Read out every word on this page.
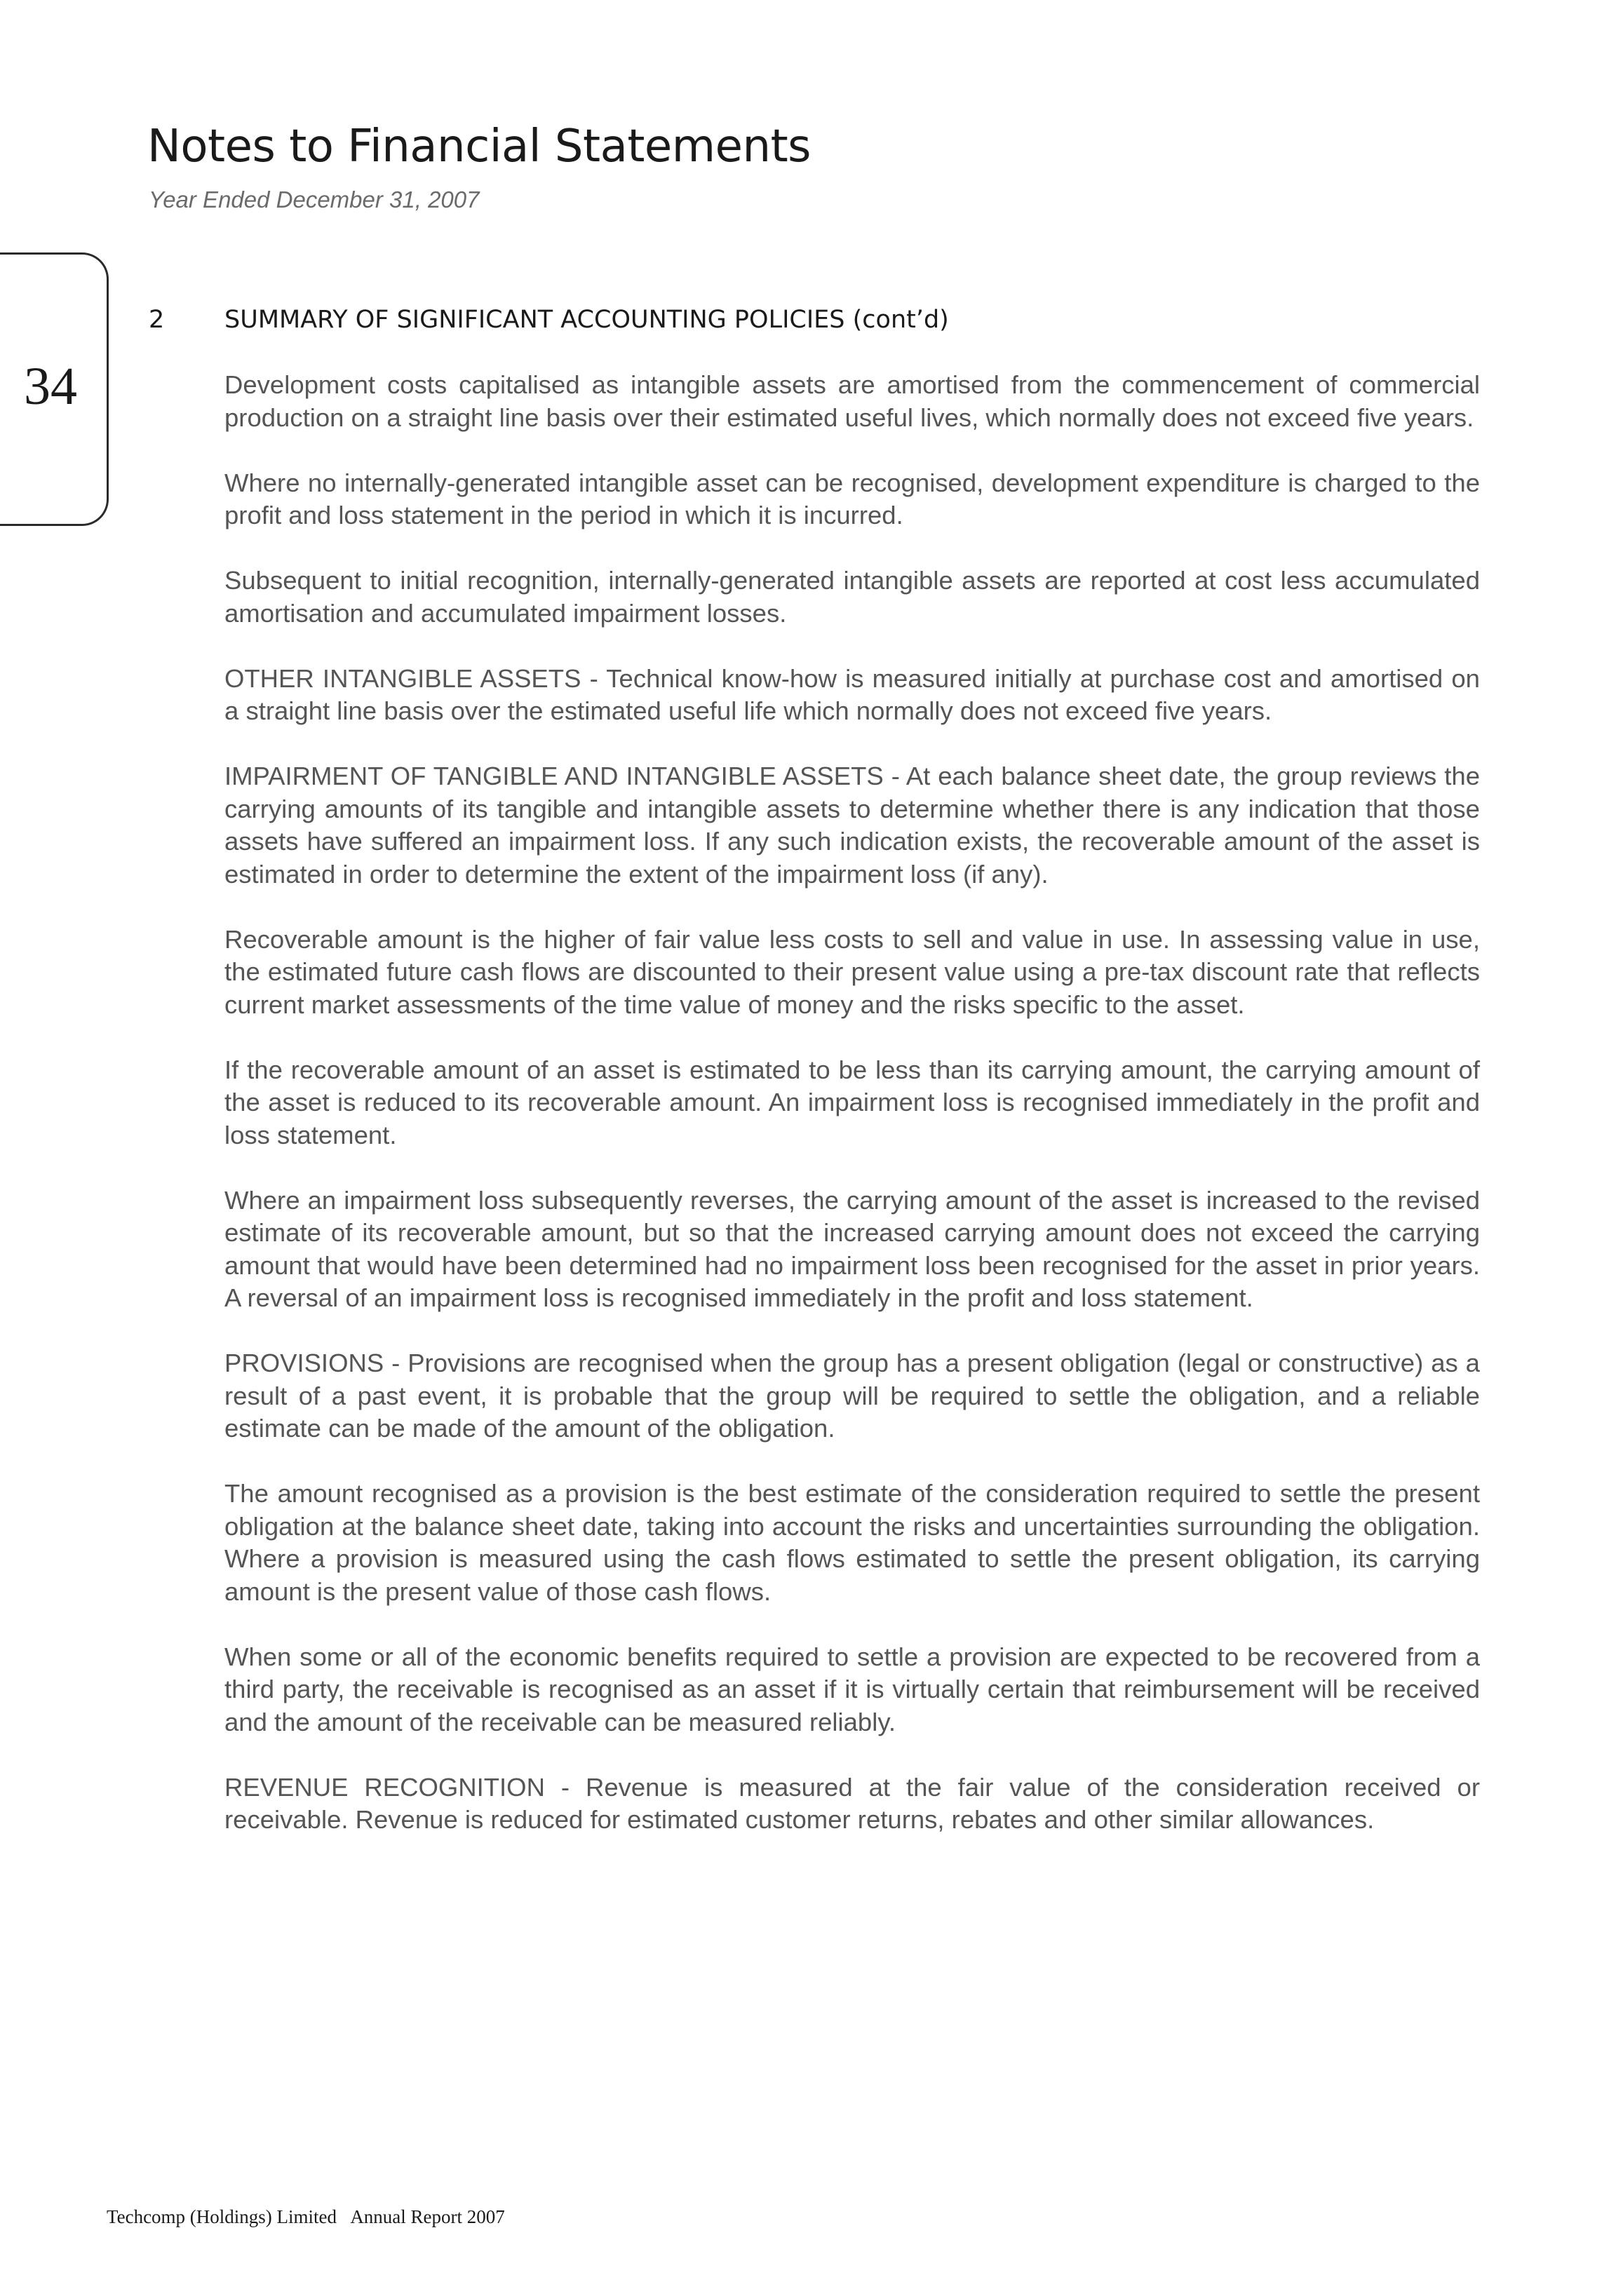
Notes to Financial Statements
Year Ended December 31, 2007
34
2 SUMMARY OF SIGNIFICANT ACCOUNTING POLICIES (cont’d)

Development costs capitalised as intangible assets are amortised from the commencement of commercial production on a straight line basis over their estimated useful lives, which normally does not exceed five years.

Where no internally-generated intangible asset can be recognised, development expenditure is charged to the profit and loss statement in the period in which it is incurred.

Subsequent to initial recognition, internally-generated intangible assets are reported at cost less accumulated amortisation and accumulated impairment losses.

OTHER INTANGIBLE ASSETS - Technical know-how is measured initially at purchase cost and amortised on a straight line basis over the estimated useful life which normally does not exceed five years.

IMPAIRMENT OF TANGIBLE AND INTANGIBLE ASSETS - At each balance sheet date, the group reviews the carrying amounts of its tangible and intangible assets to determine whether there is any indication that those assets have suffered an impairment loss. If any such indication exists, the recoverable amount of the asset is estimated in order to determine the extent of the impairment loss (if any).

Recoverable amount is the higher of fair value less costs to sell and value in use. In assessing value in use, the estimated future cash flows are discounted to their present value using a pre-tax discount rate that reflects current market assessments of the time value of money and the risks specific to the asset.

If the recoverable amount of an asset is estimated to be less than its carrying amount, the carrying amount of the asset is reduced to its recoverable amount. An impairment loss is recognised immediately in the profit and loss statement.

Where an impairment loss subsequently reverses, the carrying amount of the asset is increased to the revised estimate of its recoverable amount, but so that the increased carrying amount does not exceed the carrying amount that would have been determined had no impairment loss been recognised for the asset in prior years. A reversal of an impairment loss is recognised immediately in the profit and loss statement.

PROVISIONS - Provisions are recognised when the group has a present obligation (legal or constructive) as a result of a past event, it is probable that the group will be required to settle the obligation, and a reliable estimate can be made of the amount of the obligation.

The amount recognised as a provision is the best estimate of the consideration required to settle the present obligation at the balance sheet date, taking into account the risks and uncertainties surrounding the obligation. Where a provision is measured using the cash flows estimated to settle the present obligation, its carrying amount is the present value of those cash flows.

When some or all of the economic benefits required to settle a provision are expected to be recovered from a third party, the receivable is recognised as an asset if it is virtually certain that reimbursement will be received and the amount of the receivable can be measured reliably.

REVENUE RECOGNITION - Revenue is measured at the fair value of the consideration received or receivable. Revenue is reduced for estimated customer returns, rebates and other similar allowances.

Techcomp (Holdings) Limited Annual Report 2007
